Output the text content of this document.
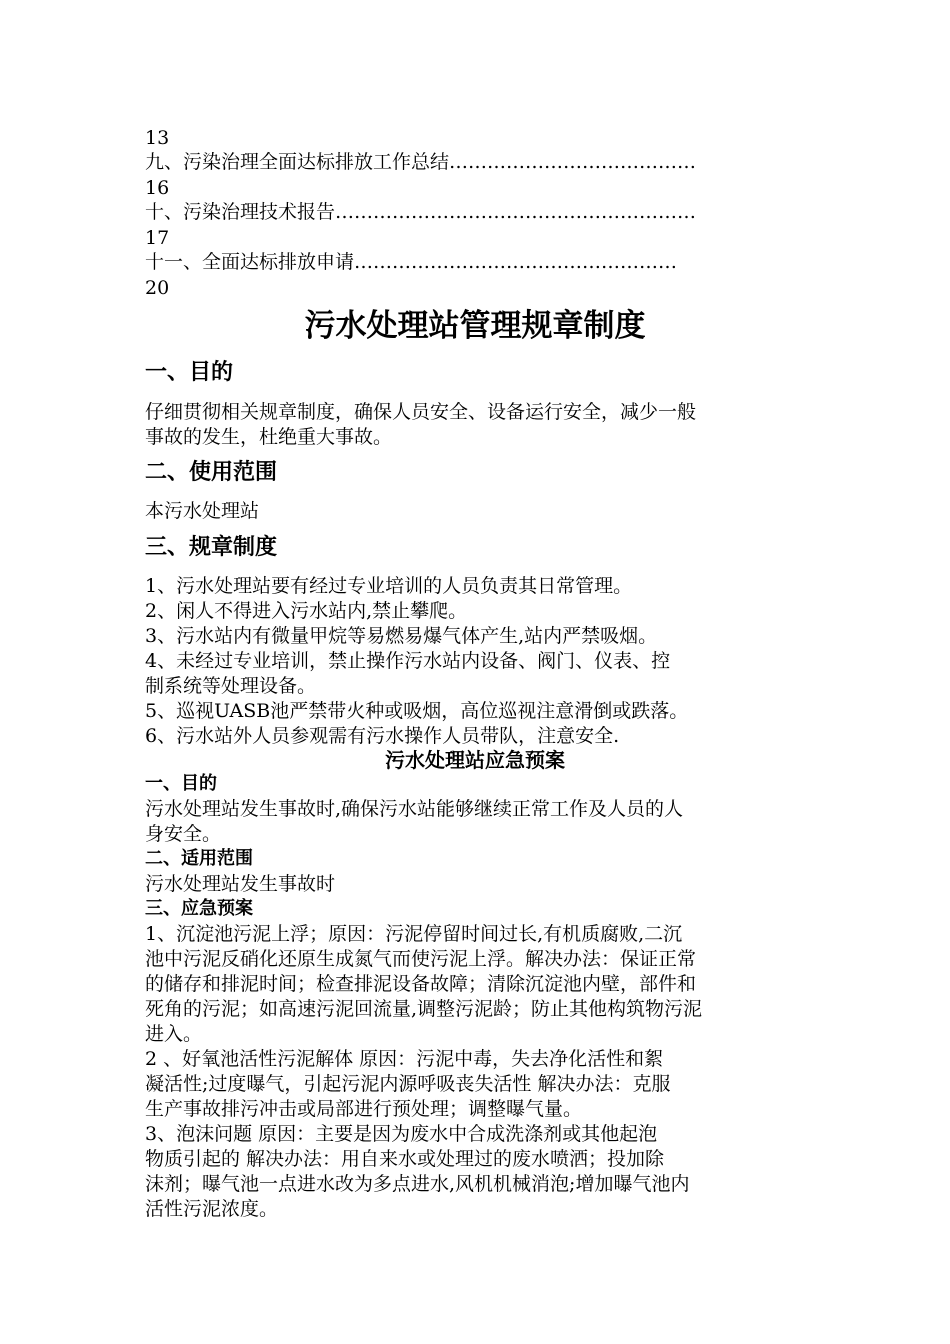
13
九、污染治理全面达标排放工作总结…………………………………
16
十、污染治理技术报告…………………………………………………
17
十一、全面达标排放申请……………………………………………
20
污水处理站管理规章制度
一、目的
仔细贯彻相关规章制度，确保人员安全、设备运行安全，减少一般
事故的发生，杜绝重大事故。
二、使用范围
本污水处理站
三、规章制度
1、污水处理站要有经过专业培训的人员负责其日常管理。
2、闲人不得进入污水站内,禁止攀爬。
3、污水站内有微量甲烷等易燃易爆气体产生,站内严禁吸烟。
4、未经过专业培训，禁止操作污水站内设备、阀门、仪表、控
制系统等处理设备。
5、巡视UASB池严禁带火种或吸烟，高位巡视注意滑倒或跌落。
6、污水站外人员参观需有污水操作人员带队，注意安全.
污水处理站应急预案
一、目的
污水处理站发生事故时,确保污水站能够继续正常工作及人员的人
身安全。
二、适用范围
污水处理站发生事故时
三、应急预案
1、沉淀池污泥上浮；原因：污泥停留时间过长,有机质腐败,二沉
池中污泥反硝化还原生成氮气而使污泥上浮。解决办法：保证正常
的储存和排泥时间；检查排泥设备故障；清除沉淀池内壁，部件和
死角的污泥；如高速污泥回流量,调整污泥龄；防止其他构筑物污泥
进入。
2 、好氧池活性污泥解体 原因：污泥中毒，失去净化活性和絮
凝活性;过度曝气，引起污泥内源呼吸丧失活性 解决办法：克服
生产事故排污冲击或局部进行预处理；调整曝气量。
3、泡沫问题 原因：主要是因为废水中合成洗涤剂或其他起泡
物质引起的 解决办法：用自来水或处理过的废水喷洒；投加除
沫剂；曝气池一点进水改为多点进水,风机机械消泡;增加曝气池内
活性污泥浓度。
